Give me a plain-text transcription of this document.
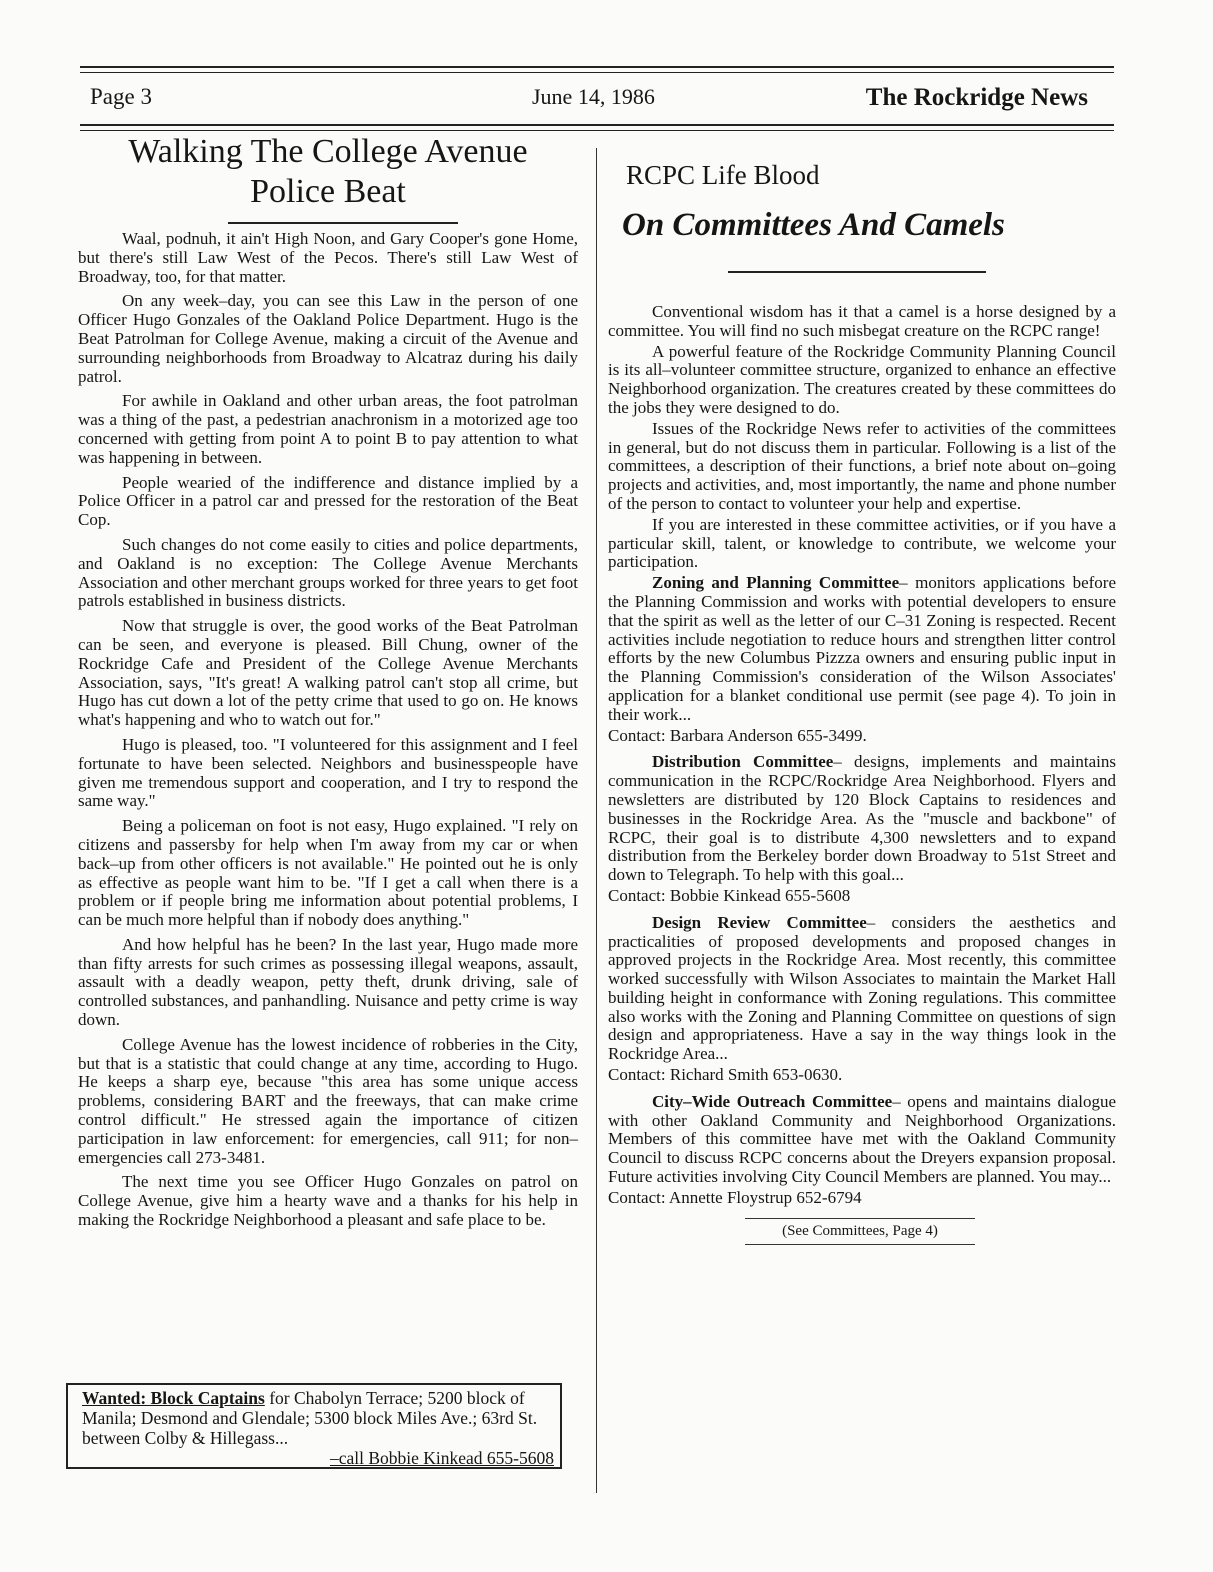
Page 3	June 14, 1986	The Rockridge News
Walking The College Avenue Police Beat

Waal, podnuh, it ain't High Noon, and Gary Cooper's gone Home, but there's still Law West of the Pecos. There's still Law West of Broadway, too, for that matter.

On any week–day, you can see this Law in the person of one Officer Hugo Gonzales of the Oakland Police Department. Hugo is the Beat Patrolman for College Avenue, making a circuit of the Avenue and surrounding neighborhoods from Broadway to Alcatraz during his daily patrol.

For awhile in Oakland and other urban areas, the foot patrolman was a thing of the past, a pedestrian anachronism in a motorized age too concerned with getting from point A to point B to pay attention to what was happening in between.

People wearied of the indifference and distance implied by a Police Officer in a patrol car and pressed for the restoration of the Beat Cop.

Such changes do not come easily to cities and police departments, and Oakland is no exception: The College Avenue Merchants Association and other merchant groups worked for three years to get foot patrols established in business districts.

Now that struggle is over, the good works of the Beat Patrolman can be seen, and everyone is pleased. Bill Chung, owner of the Rockridge Cafe and President of the College Avenue Merchants Association, says, "It's great! A walking patrol can't stop all crime, but Hugo has cut down a lot of the petty crime that used to go on. He knows what's happening and who to watch out for."

Hugo is pleased, too. "I volunteered for this assignment and I feel fortunate to have been selected. Neighbors and businesspeople have given me tremendous support and cooperation, and I try to respond the same way."

Being a policeman on foot is not easy, Hugo explained. "I rely on citizens and passersby for help when I'm away from my car or when back–up from other officers is not available." He pointed out he is only as effective as people want him to be. "If I get a call when there is a problem or if people bring me information about potential problems, I can be much more helpful than if nobody does anything."

And how helpful has he been? In the last year, Hugo made more than fifty arrests for such crimes as possessing illegal weapons, assault, assault with a deadly weapon, petty theft, drunk driving, sale of controlled substances, and panhandling. Nuisance and petty crime is way down.

College Avenue has the lowest incidence of robberies in the City, but that is a statistic that could change at any time, according to Hugo. He keeps a sharp eye, because "this area has some unique access problems, considering BART and the freeways, that can make crime control difficult." He stressed again the importance of citizen participation in law enforcement: for emergencies, call 911; for non–emergencies call 273-3481.

The next time you see Officer Hugo Gonzales on patrol on College Avenue, give him a hearty wave and a thanks for his help in making the Rockridge Neighborhood a pleasant and safe place to be.

Wanted: Block Captains for Chabolyn Terrace; 5200 block of Manila; Desmond and Glendale; 5300 block Miles Ave.; 63rd St. between Colby & Hillegass...
–call Bobbie Kinkead 655-5608

RCPC Life Blood
On Committees And Camels

Conventional wisdom has it that a camel is a horse designed by a committee. You will find no such misbegat creature on the RCPC range!

A powerful feature of the Rockridge Community Planning Council is its all–volunteer committee structure, organized to enhance an effective Neighborhood organization. The creatures created by these committees do the jobs they were designed to do.

Issues of the Rockridge News refer to activities of the committees in general, but do not discuss them in particular. Following is a list of the committees, a description of their functions, a brief note about on–going projects and activities, and, most importantly, the name and phone number of the person to contact to volunteer your help and expertise.

If you are interested in these committee activities, or if you have a particular skill, talent, or knowledge to contribute, we welcome your participation.

Zoning and Planning Committee– monitors applications before the Planning Commission and works with potential developers to ensure that the spirit as well as the letter of our C–31 Zoning is respected. Recent activities include negotiation to reduce hours and strengthen litter control efforts by the new Columbus Pizzza owners and ensuring public input in the Planning Commission's consideration of the Wilson Associates' application for a blanket conditional use permit (see page 4). To join in their work...

Contact: Barbara Anderson 655-3499.

Distribution Committee– designs, implements and maintains communication in the RCPC/Rockridge Area Neighborhood. Flyers and newsletters are distributed by 120 Block Captains to residences and businesses in the Rockridge Area. As the "muscle and backbone" of RCPC, their goal is to distribute 4,300 newsletters and to expand distribution from the Berkeley border down Broadway to 51st Street and down to Telegraph. To help with this goal...

Contact: Bobbie Kinkead 655-5608

Design Review Committee– considers the aesthetics and practicalities of proposed developments and proposed changes in approved projects in the Rockridge Area. Most recently, this committee worked successfully with Wilson Associates to maintain the Market Hall building height in conformance with Zoning regulations. This committee also works with the Zoning and Planning Committee on questions of sign design and appropriateness. Have a say in the way things look in the Rockridge Area...

Contact: Richard Smith 653-0630.

City–Wide Outreach Committee– opens and maintains dialogue with other Oakland Community and Neighborhood Organizations. Members of this committee have met with the Oakland Community Council to discuss RCPC concerns about the Dreyers expansion proposal. Future activities involving City Council Members are planned. You may...

Contact: Annette Floystrup 652-6794

(See Committees, Page 4)
